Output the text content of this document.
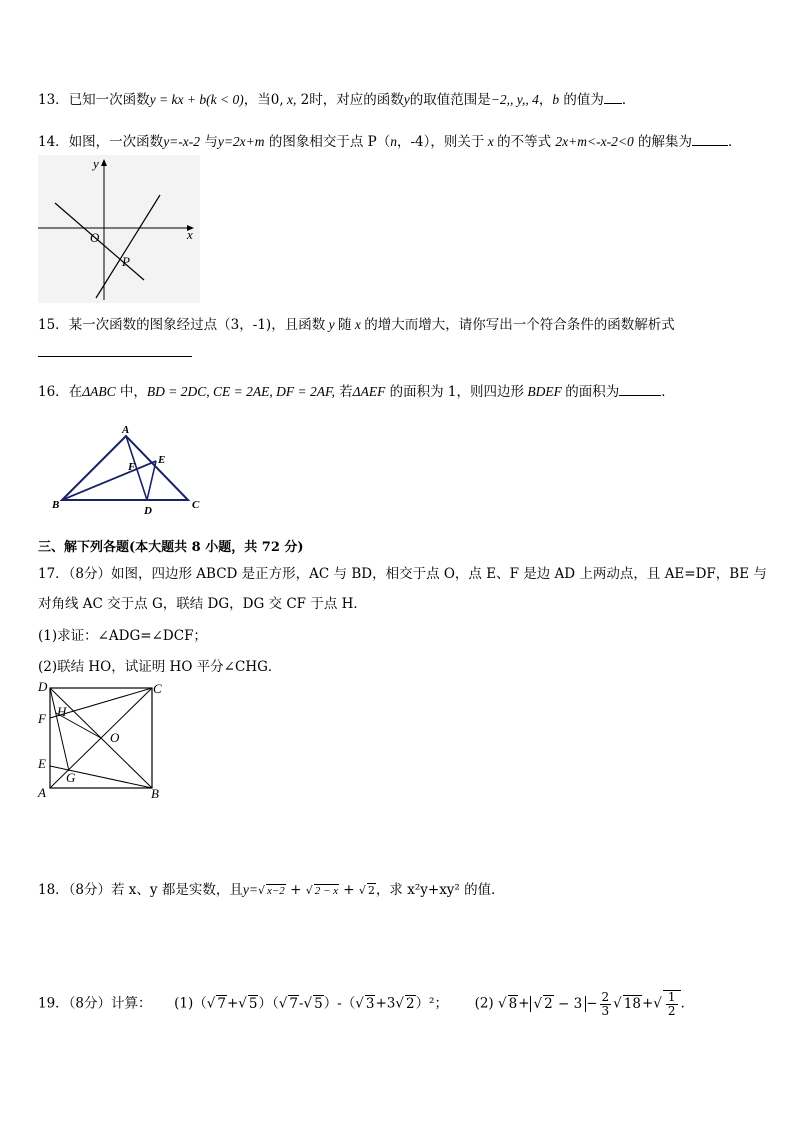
13．已知一次函数y = kx + b(k < 0)，当0, x, 2时，对应的函数y的取值范围是−2,, y,, 4，b 的值为 ．
14．如图，一次函数y=-x-2 与y=2x+m 的图象相交于点 P（n，-4），则关于 x 的不等式 2x+m<-x-2<0 的解集为	．
y
x
O
P
15．某一次函数的图象经过点（3，-1)，且函数 y 随 x 的增大而增大，请你写出一个符合条件的函数解析式
16．在ΔABC 中，BD = 2DC, CE = 2AE, DF = 2AF, 若ΔAEF 的面积为 1，则四边形 BDEF 的面积为	．
A
B	C
D
E
F
三、解下列各题(本大题共 8 小题，共 72 分)
17．（8分）如图，四边形 ABCD 是正方形，AC 与 BD，相交于点 O，点 E、F 是边 AD 上两动点，且 AE=DF，BE 与
对角线 AC 交于点 G，联结 DG，DG 交 CF 于点 H．
(1)求证：∠ADG=∠DCF；
(2)联结 HO，试证明 HO 平分∠CHG．
D	C
F H
O
E
G
A	B
18．（8分）若 x、y 都是实数，且y=√ x−2 + √ 2 − x + √ 2，求 x²y+xy² 的值．
19．（8分）计算： (1)（√ 7+√ 5）（√ 7-√ 5）-（√ 3+3√ 2）²； (2) √ 8+ √ $2 - 3 - \frac{2}{3}$ √ $18+√ \frac{1}{2}$ .
